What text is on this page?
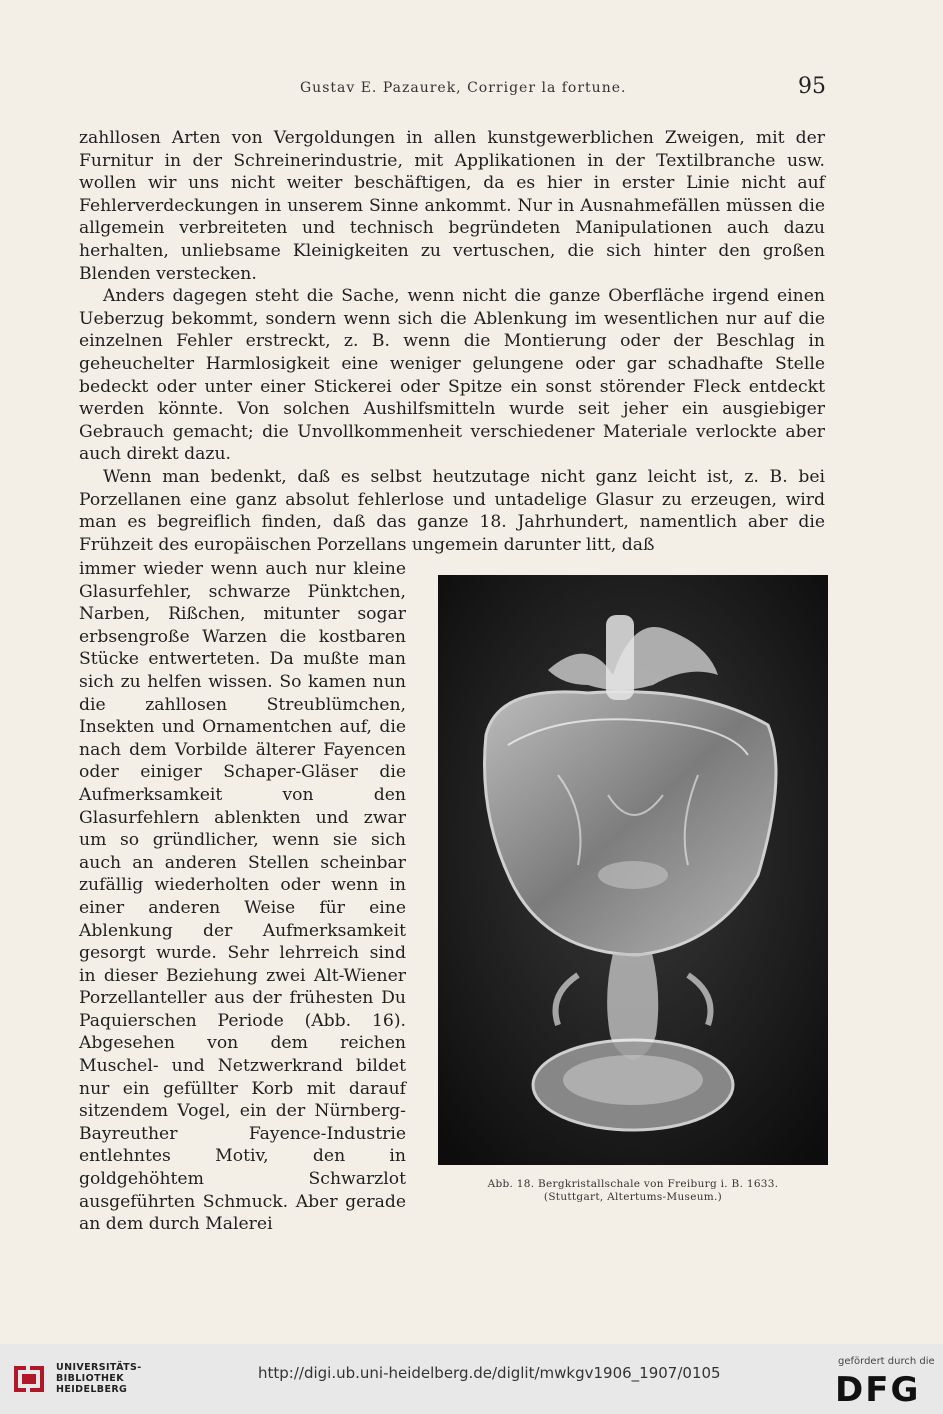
Gustav E. Pazaurek, Corriger la fortune.	95

zahllosen Arten von Vergoldungen in allen kunstgewerblichen Zweigen, mit der Furnitur in der Schreinerindustrie, mit Applikationen in der Textilbranche usw. wollen wir uns nicht weiter beschäftigen, da es hier in erster Linie nicht auf Fehlerverdeckungen in unserem Sinne ankommt. Nur in Ausnahmefällen müssen die allgemein verbreiteten und technisch begründeten Manipulationen auch dazu herhalten, unliebsame Kleinigkeiten zu vertuschen, die sich hinter den großen Blenden verstecken.

Anders dagegen steht die Sache, wenn nicht die ganze Oberfläche irgend einen Ueberzug bekommt, sondern wenn sich die Ablenkung im wesentlichen nur auf die einzelnen Fehler erstreckt, z. B. wenn die Montierung oder der Beschlag in geheuchelter Harmlosigkeit eine weniger gelungene oder gar schadhafte Stelle bedeckt oder unter einer Stickerei oder Spitze ein sonst störender Fleck entdeckt werden könnte. Von solchen Aushilfsmitteln wurde seit jeher ein ausgiebiger Gebrauch gemacht; die Unvollkommenheit verschiedener Materiale verlockte aber auch direkt dazu.

Wenn man bedenkt, daß es selbst heutzutage nicht ganz leicht ist, z. B. bei Porzellanen eine ganz absolut fehlerlose und untadelige Glasur zu erzeugen, wird man es begreiflich finden, daß das ganze 18. Jahrhundert, namentlich aber die Frühzeit des europäischen Porzellans ungemein darunter litt, daß

immer wieder wenn auch nur kleine Glasurfehler, schwarze Pünktchen, Narben, Rißchen, mitunter sogar erbsengroße Warzen die kostbaren Stücke entwerteten. Da mußte man sich zu helfen wissen. So kamen nun die zahllosen Streublümchen, Insekten und Ornamentchen auf, die nach dem Vorbilde älterer Fayencen oder einiger Schaper-Gläser die Aufmerksamkeit von den Glasurfehlern ablenkten und zwar um so gründlicher, wenn sie sich auch an anderen Stellen scheinbar zufällig wiederholten oder wenn in einer anderen Weise für eine Ablenkung der Aufmerksamkeit gesorgt wurde. Sehr lehrreich sind in dieser Beziehung zwei Alt-Wiener Porzellanteller aus der frühesten Du Paquierschen Periode (Abb. 16). Abgesehen von dem reichen Muschel- und Netzwerkrand bildet nur ein gefüllter Korb mit darauf sitzendem Vogel, ein der Nürnberg-Bayreuther Fayence-Industrie entlehntes Motiv, den in goldgehöhtem Schwarzlot ausgeführten Schmuck. Aber gerade an dem durch Malerei
Abb. 18. Bergkristallschale von Freiburg i. B. 1633.
(Stuttgart, Altertums-Museum.)
UNIVERSITÄTS-
BIBLIOTHEK
HEIDELBERG
http://digi.ub.uni-heidelberg.de/diglit/mwkgv1906_1907/0105
gefördert durch die
DFG
